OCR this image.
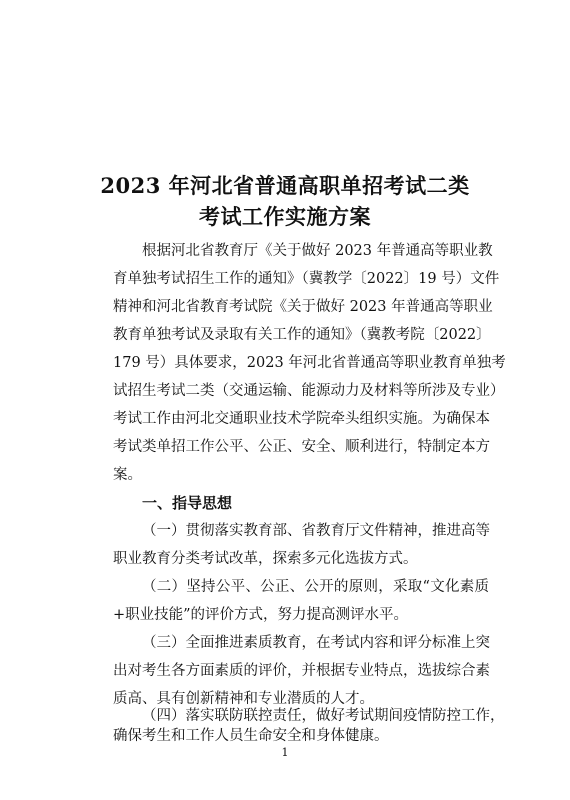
2023 年河北省普通高职单招考试二类
考试工作实施方案
根据河北省教育厅《关于做好 2023 年普通高等职业教
育单独考试招生工作的通知》（冀教学〔2022〕19 号）文件
精神和河北省教育考试院《关于做好 2023 年普通高等职业
教育单独考试及录取有关工作的通知》（冀教考院〔2022〕
179 号）具体要求，2023 年河北省普通高等职业教育单独考
试招生考试二类（交通运输、能源动力及材料等所涉及专业）
考试工作由河北交通职业技术学院牵头组织实施。为确保本
考试类单招工作公平、公正、安全、顺利进行，特制定本方
案。
一、指导思想
（一）贯彻落实教育部、省教育厅文件精神，推进高等
职业教育分类考试改革，探索多元化选拔方式。
（二）坚持公平、公正、公开的原则，采取“文化素质
+职业技能”的评价方式，努力提高测评水平。
（三）全面推进素质教育，在考试内容和评分标准上突
出对考生各方面素质的评价，并根据专业特点，选拔综合素
质高、具有创新精神和专业潜质的人才。
（四）落实联防联控责任，做好考试期间疫情防控工作，
确保考生和工作人员生命安全和身体健康。
1
